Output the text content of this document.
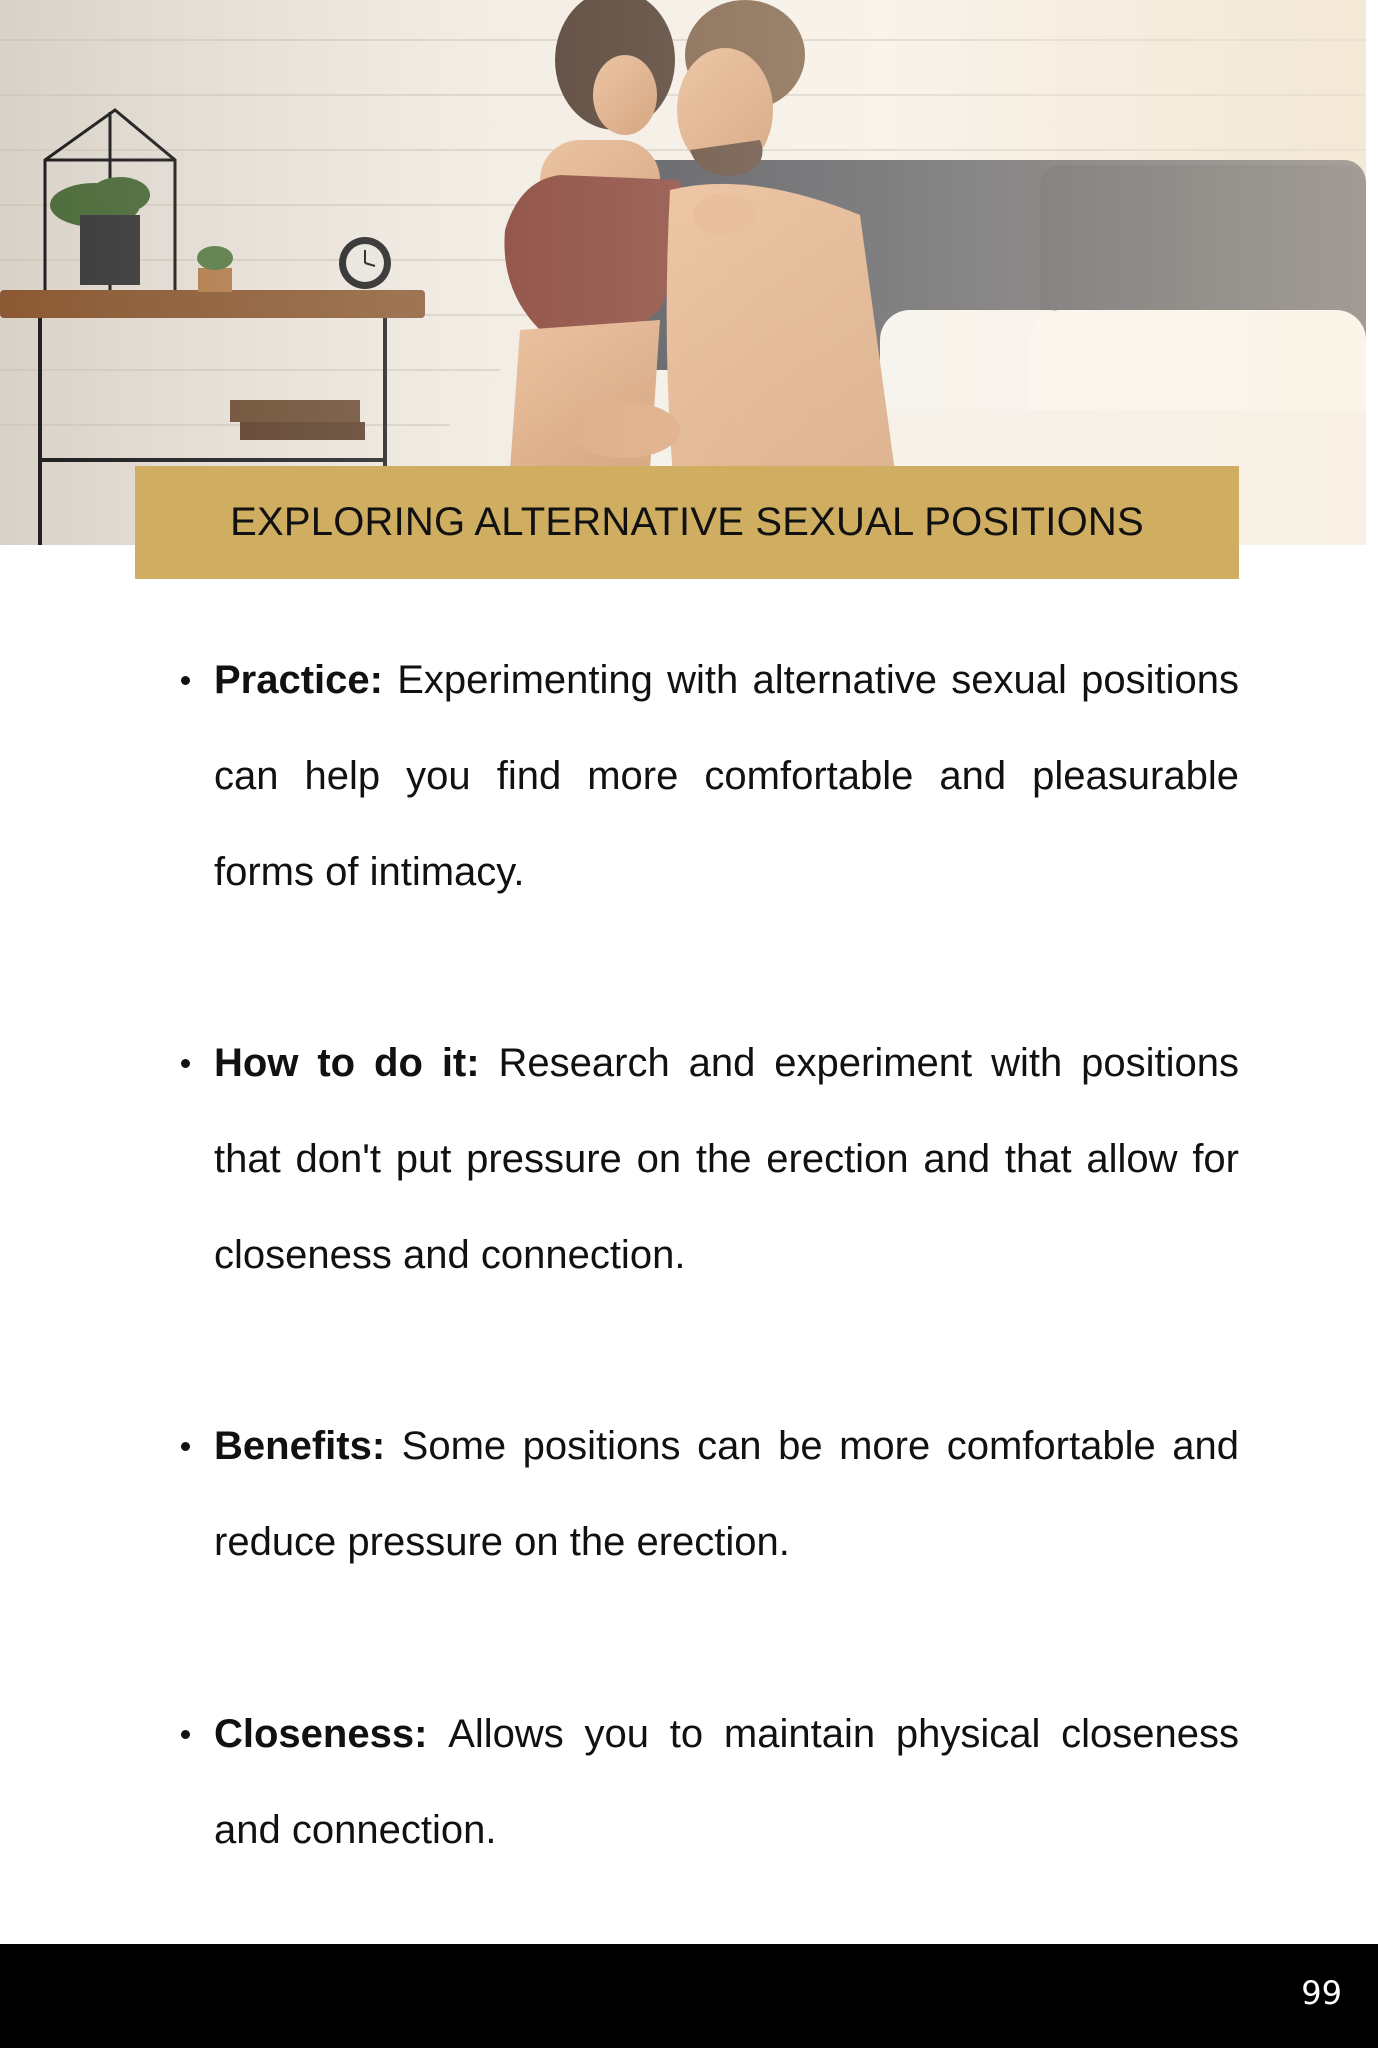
EXPLORING ALTERNATIVE SEXUAL POSITIONS
Practice: Experimenting with alternative sexual positions can help you find more comfortable and pleasurable forms of intimacy.
How to do it: Research and experiment with positions that don't put pressure on the erection and that allow for closeness and connection.
Benefits: Some positions can be more comfortable and reduce pressure on the erection.
Closeness: Allows you to maintain physical closeness and connection.
99
